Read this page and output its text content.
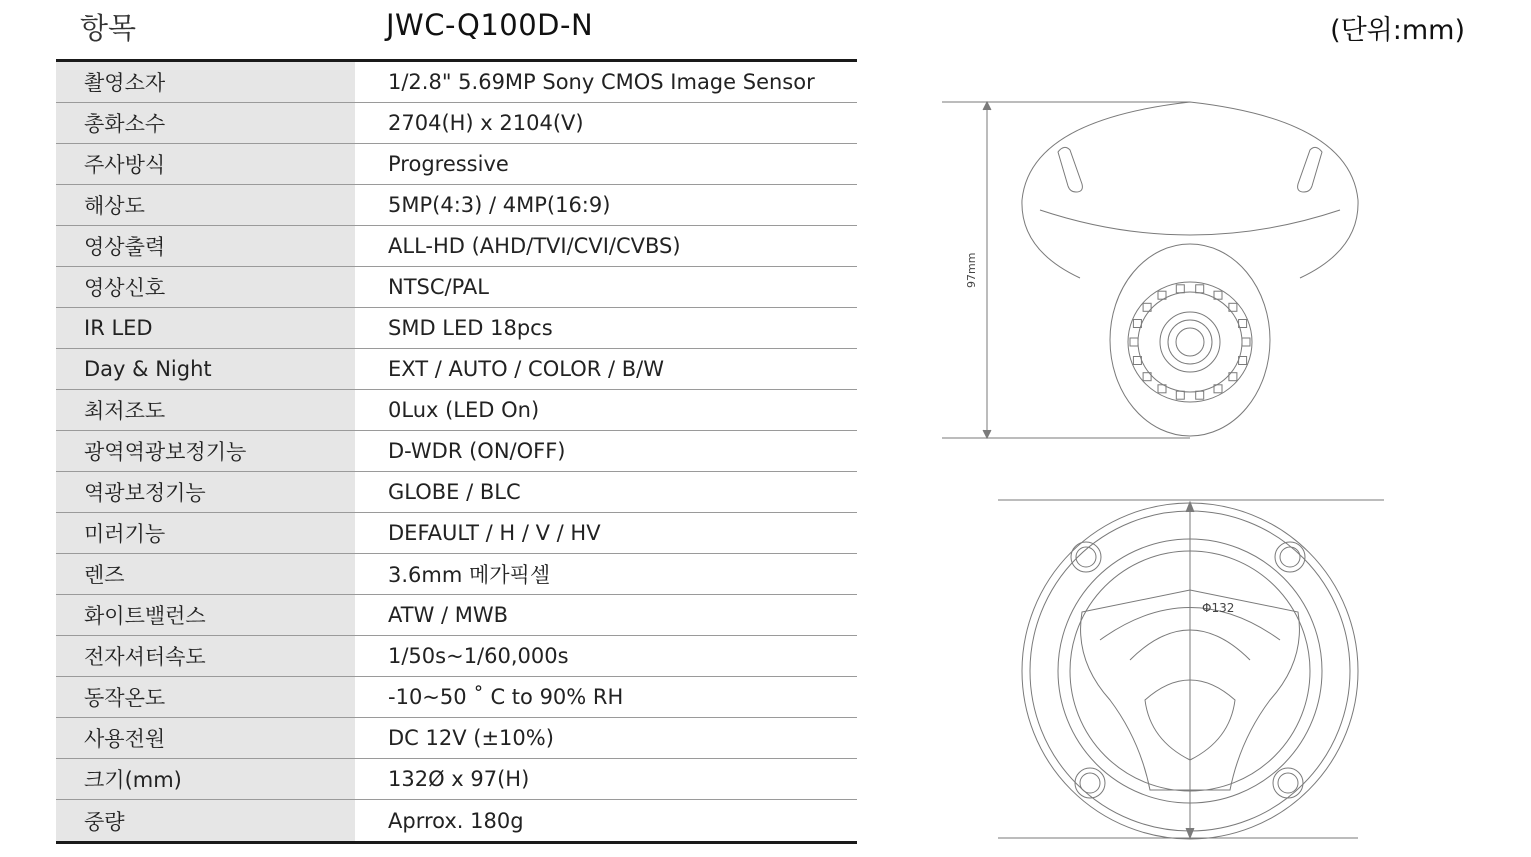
항목	JWC-Q100D-N	(단위:mm)
촬영소자	1/2.8" 5.69MP Sony CMOS Image Sensor
총화소수	2704(H) x 2104(V)
주사방식	Progressive
해상도	5MP(4:3) / 4MP(16:9)
영상출력	ALL-HD (AHD/TVI/CVI/CVBS)
영상신호	NTSC/PAL
IR LED	SMD LED 18pcs
Day & Night	EXT / AUTO / COLOR / B/W
최저조도	0Lux (LED On)
광역역광보정기능	D-WDR (ON/OFF)
역광보정기능	GLOBE / BLC
미러기능	DEFAULT / H / V / HV
렌즈	3.6mm 메가픽셀
화이트밸런스	ATW / MWB
전자셔터속도	1/50s~1/60,000s
동작온도	-10~50 ˚ C to 90% RH
사용전원	DC 12V (±10%)
크기(mm)	132Ø x 97(H)
중량	Aprrox. 180g
97mm
Φ132
